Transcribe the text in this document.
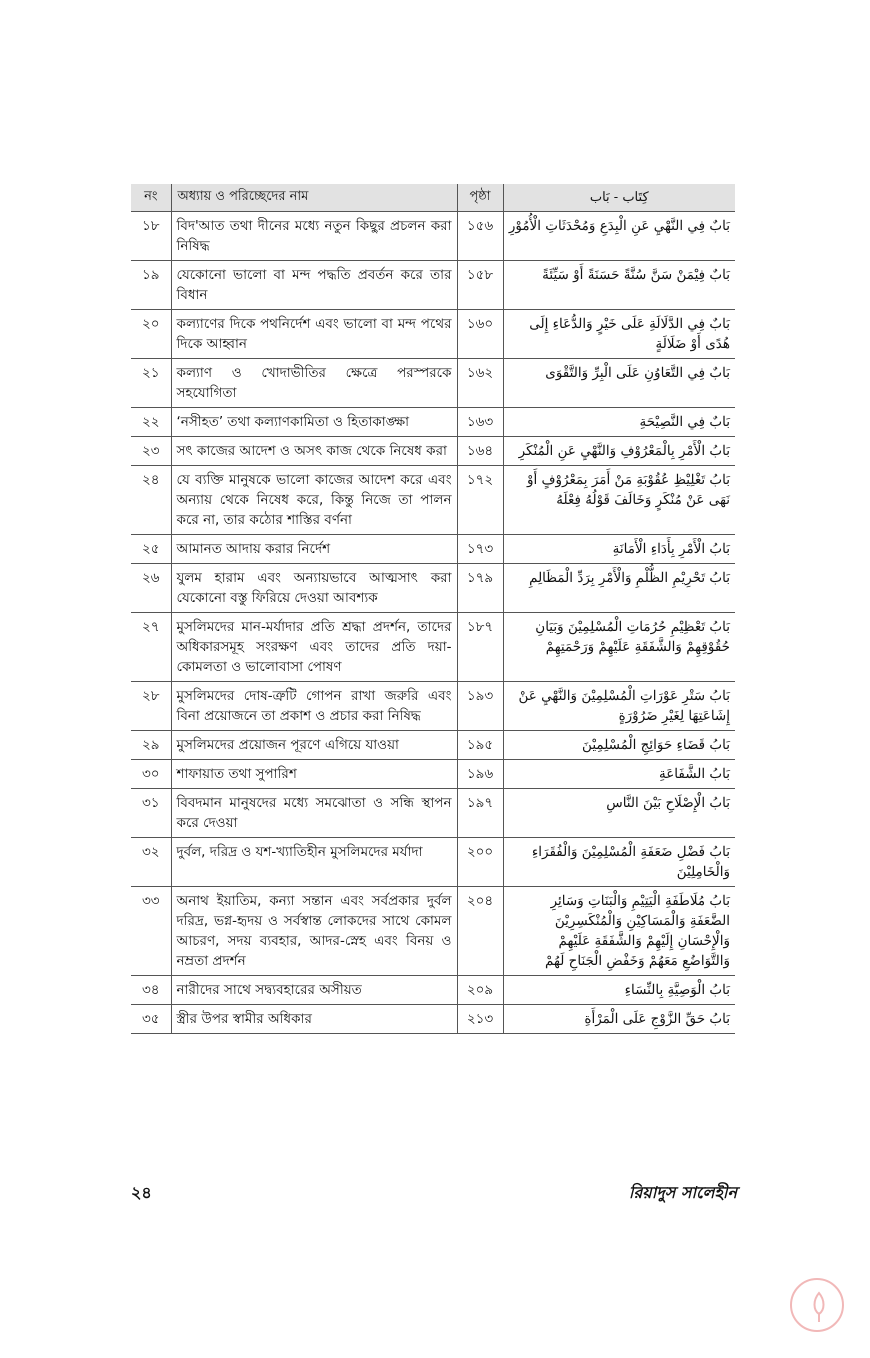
নং	অধ্যায় ও পরিচ্ছেদের নাম	পৃষ্ঠা	كِتَاب - بَاب
১৮	বিদ'আত তথা দীনের মধ্যে নতুন কিছুর প্রচলন করা নিষিদ্ধ	১৫৬	بَابٌ فِي النَّهْيِ عَنِ الْبِدَعِ وَمُحْدَثَاتِ الْأُمُوْرِ
১৯	যেকোনো ভালো বা মন্দ পদ্ধতি প্রবর্তন করে তার বিধান	১৫৮	بَابٌ فِيْمَنْ سَنَّ سُنَّةً حَسَنَةً أَوْ سَيِّئَةً
২০	কল্যাণের দিকে পথনির্দেশ এবং ভালো বা মন্দ পথের দিকে আহ্বান	১৬০	بَابٌ فِي الدَّلَالَةِ عَلَى خَيْرٍ وَالدُّعَاءِ إِلَى هُدًى أَوْ ضَلَالَةٍ
২১	কল্যাণ ও খোদাভীতির ক্ষেত্রে পরস্পরকে সহযোগিতা	১৬২	بَابٌ فِي التَّعَاوُنِ عَلَى الْبِرِّ وَالتَّقْوَى
২২	‘নসীহত’ তথা কল্যাণকামিতা ও হিতাকাঙ্ক্ষা	১৬৩	بَابٌ فِي النَّصِيْحَةِ
২৩	সৎ কাজের আদেশ ও অসৎ কাজ থেকে নিষেধ করা	১৬৪	بَابُ الْأَمْرِ بِالْمَعْرُوْفِ وَالنَّهْيِ عَنِ الْمُنْكَرِ
২৪	যে ব্যক্তি মানুষকে ভালো কাজের আদেশ করে এবং অন্যায় থেকে নিষেধ করে, কিন্তু নিজে তা পালন করে না, তার কঠোর শাস্তির বর্ণনা	১৭২	بَابُ تَغْلِيْظِ عُقُوْبَةِ مَنْ أَمَرَ بِمَعْرُوْفٍ أَوْ نَهَى عَنْ مُنْكَرٍ وَخَالَفَ قَوْلُهُ فِعْلَهُ
২৫	আমানত আদায় করার নির্দেশ	১৭৩	بَابُ الْأَمْرِ بِأَدَاءِ الْأَمَانَةِ
২৬	যুলম হারাম এবং অন্যায়ভাবে আত্মসাৎ করা যেকোনো বস্তু ফিরিয়ে দেওয়া আবশ্যক	১৭৯	بَابُ تَحْرِيْمِ الظُّلْمِ وَالْأَمْرِ بِرَدِّ الْمَظَالِمِ
২৭	মুসলিমদের মান-মর্যাদার প্রতি শ্রদ্ধা প্রদর্শন, তাদের অধিকারসমূহ সংরক্ষণ এবং তাদের প্রতি দয়া-কোমলতা ও ভালোবাসা পোষণ	১৮৭	بَابُ تَعْظِيْمِ حُرُمَاتِ الْمُسْلِمِيْنَ وَبَيَانِ حُقُوْقِهِمْ وَالشَّفَقَةِ عَلَيْهِمْ وَرَحْمَتِهِمْ
২৮	মুসলিমদের দোষ-ত্রুটি গোপন রাখা জরুরি এবং বিনা প্রয়োজনে তা প্রকাশ ও প্রচার করা নিষিদ্ধ	১৯৩	بَابُ سَتْرِ عَوْرَاتِ الْمُسْلِمِيْنَ وَالنَّهْيِ عَنْ إِشَاعَتِهَا لِغَيْرِ ضَرُوْرَةٍ
২৯	মুসলিমদের প্রয়োজন পূরণে এগিয়ে যাওয়া	১৯৫	بَابُ قَضَاءِ حَوَائِجِ الْمُسْلِمِيْنَ
৩০	শাফায়াত তথা সুপারিশ	১৯৬	بَابُ الشَّفَاعَةِ
৩১	বিবদমান মানুষদের মধ্যে সমঝোতা ও সন্ধি স্থাপন করে দেওয়া	১৯৭	بَابُ الْإِصْلَاحِ بَيْنَ النَّاسِ
৩২	দুর্বল, দরিদ্র ও যশ-খ্যাতিহীন মুসলিমদের মর্যাদা	২০০	بَابُ فَضْلِ ضَعَفَةِ الْمُسْلِمِيْنَ وَالْفُقَرَاءِ وَالْخَامِلِيْنَ
৩৩	অনাথ ইয়াতিম, কন্যা সন্তান এবং সর্বপ্রকার দুর্বল দরিদ্র, ভগ্ন-হৃদয় ও সর্বস্বান্ত লোকদের সাথে কোমল আচরণ, সদয় ব্যবহার, আদর-স্নেহ এবং বিনয় ও নম্রতা প্রদর্শন	২০৪	بَابُ مُلَاطَفَةِ الْيَتِيْمِ وَالْبَنَاتِ وَسَائِرِ الضَّعَفَةِ وَالْمَسَاكِيْنِ وَالْمُنْكَسِرِيْنَ وَالْإِحْسَانِ إِلَيْهِمْ وَالشَّفَقَةِ عَلَيْهِمْ وَالتَّوَاضُعِ مَعَهُمْ وَخَفْضِ الْجَنَاحِ لَهُمْ
৩৪	নারীদের সাথে সদ্ব্যবহারের অসীয়ত	২০৯	بَابُ الْوَصِيَّةِ بِالنِّسَاءِ
৩৫	স্ত্রীর উপর স্বামীর অধিকার	২১৩	بَابُ حَقِّ الزَّوْجِ عَلَى الْمَرْأَةِ
২৪	রিয়াদুস সালেহীন
